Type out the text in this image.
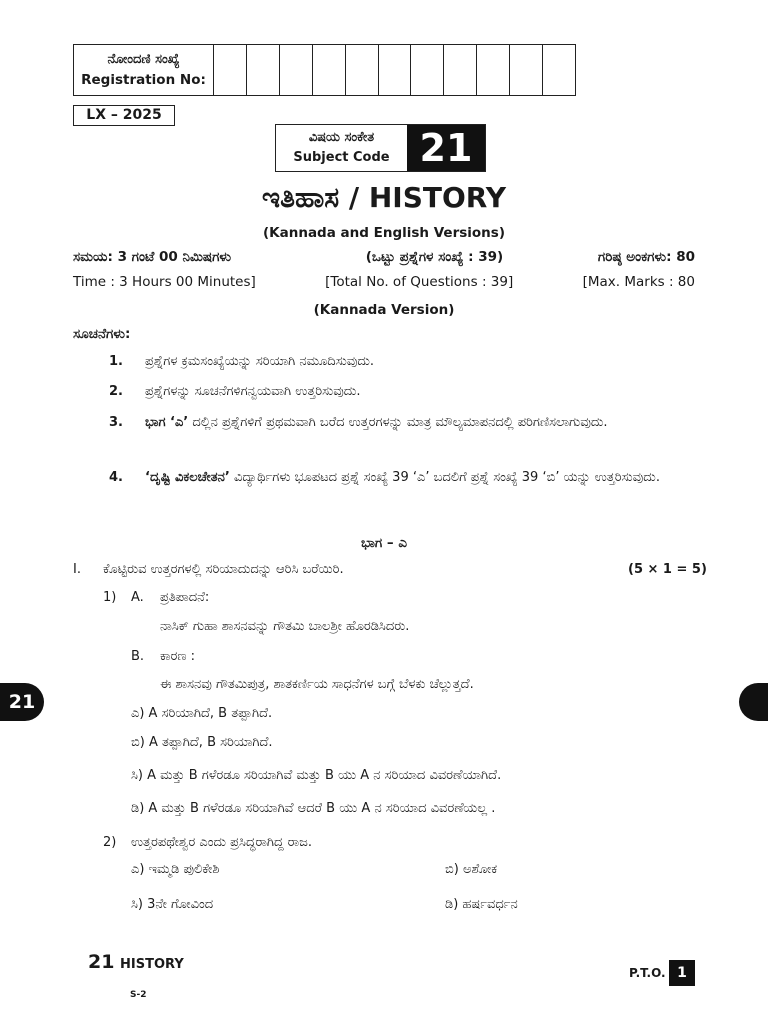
ನೋಂದಣಿ ಸಂಖ್ಯೆ
Registration No:
LX – 2025
ವಿಷಯ ಸಂಕೇತ
Subject Code 21
ಇತಿಹಾಸ / HISTORY
(Kannada and English Versions)
ಸಮಯ: 3 ಗಂಟೆ 00 ನಿಮಿಷಗಳು	(ಒಟ್ಟು ಪ್ರಶ್ನೆಗಳ ಸಂಖ್ಯೆ : 39)	ಗರಿಷ್ಠ ಅಂಕಗಳು: 80
Time : 3 Hours 00 Minutes]	[Total No. of Questions : 39]	[Max. Marks : 80
(Kannada Version)
ಸೂಚನೆಗಳು:
1.	ಪ್ರಶ್ನೆಗಳ ಕ್ರಮಸಂಖ್ಯೆಯನ್ನು ಸರಿಯಾಗಿ ನಮೂದಿಸುವುದು.
2.	ಪ್ರಶ್ನೆಗಳನ್ನು ಸೂಚನೆಗಳಿಗನ್ವಯವಾಗಿ ಉತ್ತರಿಸುವುದು.
3.	ಭಾಗ ‘ಎ’ ದಲ್ಲಿನ ಪ್ರಶ್ನೆಗಳಿಗೆ ಪ್ರಥಮವಾಗಿ ಬರೆದ ಉತ್ತರಗಳನ್ನು ಮಾತ್ರ ಮೌಲ್ಯಮಾಪನದಲ್ಲಿ ಪರಿಗಣಿಸಲಾಗುವುದು.
4.	‘ದೃಷ್ಟಿ ವಿಕಲಚೇತನ’ ವಿದ್ಯಾರ್ಥಿಗಳು ಭೂಪಟದ ಪ್ರಶ್ನೆ ಸಂಖ್ಯೆ 39 ‘ಎ’ ಬದಲಿಗೆ ಪ್ರಶ್ನೆ ಸಂಖ್ಯೆ 39 ‘ಬಿ’ ಯನ್ನು ಉತ್ತರಿಸುವುದು.
ಭಾಗ – ಎ
I. ಕೊಟ್ಟಿರುವ ಉತ್ತರಗಳಲ್ಲಿ ಸರಿಯಾದುದನ್ನು ಆರಿಸಿ ಬರೆಯಿರಿ.	(5 × 1 = 5)
1) A. ಪ್ರತಿಪಾದನೆ:
ನಾಸಿಕ್ ಗುಹಾ ಶಾಸನವನ್ನು ಗೌತಮಿ ಬಾಲಶ್ರೀ ಹೊರಡಿಸಿದರು.
B. ಕಾರಣ :
ಈ ಶಾಸನವು ಗೌತಮಿಪುತ್ರ, ಶಾತಕರ್ಣಿಯ ಸಾಧನೆಗಳ ಬಗ್ಗೆ ಬೆಳಕು ಚೆಲ್ಲುತ್ತದೆ.
ಎ) A ಸರಿಯಾಗಿದೆ, B ತಪ್ಪಾಗಿದೆ.
ಬಿ) A ತಪ್ಪಾಗಿದೆ, B ಸರಿಯಾಗಿದೆ.
ಸಿ) A ಮತ್ತು B ಗಳೆರಡೂ ಸರಿಯಾಗಿವೆ ಮತ್ತು B ಯು A ನ ಸರಿಯಾದ ವಿವರಣೆಯಾಗಿದೆ.
ಡಿ) A ಮತ್ತು B ಗಳೆರಡೂ ಸರಿಯಾಗಿವೆ ಆದರೆ B ಯು A ನ ಸರಿಯಾದ ವಿವರಣೆಯಲ್ಲ .
2) ಉತ್ತರಪಥೇಶ್ವರ ಎಂದು ಪ್ರಸಿದ್ಧರಾಗಿದ್ದ ರಾಜ.
ಎ) ಇಮ್ಮಡಿ ಪುಲಿಕೇಶಿ	ಬಿ) ಅಶೋಕ
ಸಿ) 3ನೇ ಗೋವಿಂದ	ಡಿ) ಹರ್ಷವರ್ಧನ
21
21 HISTORY
P.T.O. 1
S-2
